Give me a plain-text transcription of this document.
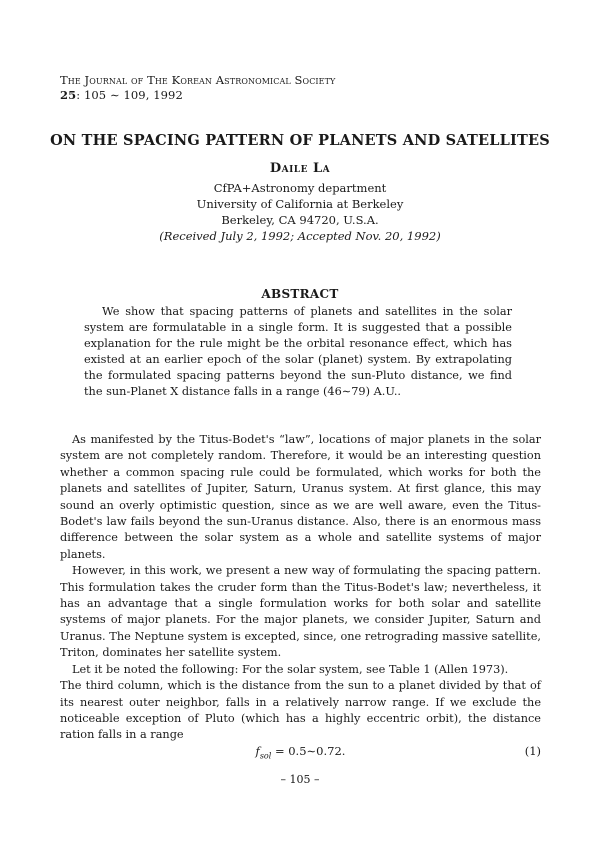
The Journal of The Korean Astronomical Society
25: 105 ∼ 109, 1992
ON THE SPACING PATTERN OF PLANETS AND SATELLITES
Daile La
CfPA+Astronomy department
University of California at Berkeley
Berkeley, CA 94720, U.S.A.
(Received July 2, 1992; Accepted Nov. 20, 1992)
ABSTRACT

We show that spacing patterns of planets and satellites in the solar system are formulatable in a single form. It is suggested that a possible explanation for the rule might be the orbital resonance effect, which has existed at an earlier epoch of the solar (planet) system. By extrapolating the formulated spacing patterns beyond the sun-Pluto distance, we find the sun-Planet X distance falls in a range (46∼79) A.U..

As manifested by the Titus-Bodet's “law”, locations of major planets in the solar system are not completely random. Therefore, it would be an interesting question whether a common spacing rule could be formulated, which works for both the planets and satellites of Jupiter, Saturn, Uranus system. At first glance, this may sound an overly optimistic question, since as we are well aware, even the Titus-Bodet's law fails beyond the sun-Uranus distance. Also, there is an enormous mass difference between the solar system as a whole and satellite systems of major planets.

However, in this work, we present a new way of formulating the spacing pattern. This formulation takes the cruder form than the Titus-Bodet's law; nevertheless, it has an advantage that a single formulation works for both solar and satellite systems of major planets. For the major planets, we consider Jupiter, Saturn and Uranus. The Neptune system is excepted, since, one retrograding massive satellite, Triton, dominates her satellite system.

Let it be noted the following: For the solar system, see Table 1 (Allen 1973).

The third column, which is the distance from the sun to a planet divided by that of its nearest outer neighbor, falls in a relatively narrow range. If we exclude the noticeable exception of Pluto (which has a highly eccentric orbit), the distance ration falls in a range

$f_{sol}$ = 0.5∼0.72.	(1)
– 105 –
